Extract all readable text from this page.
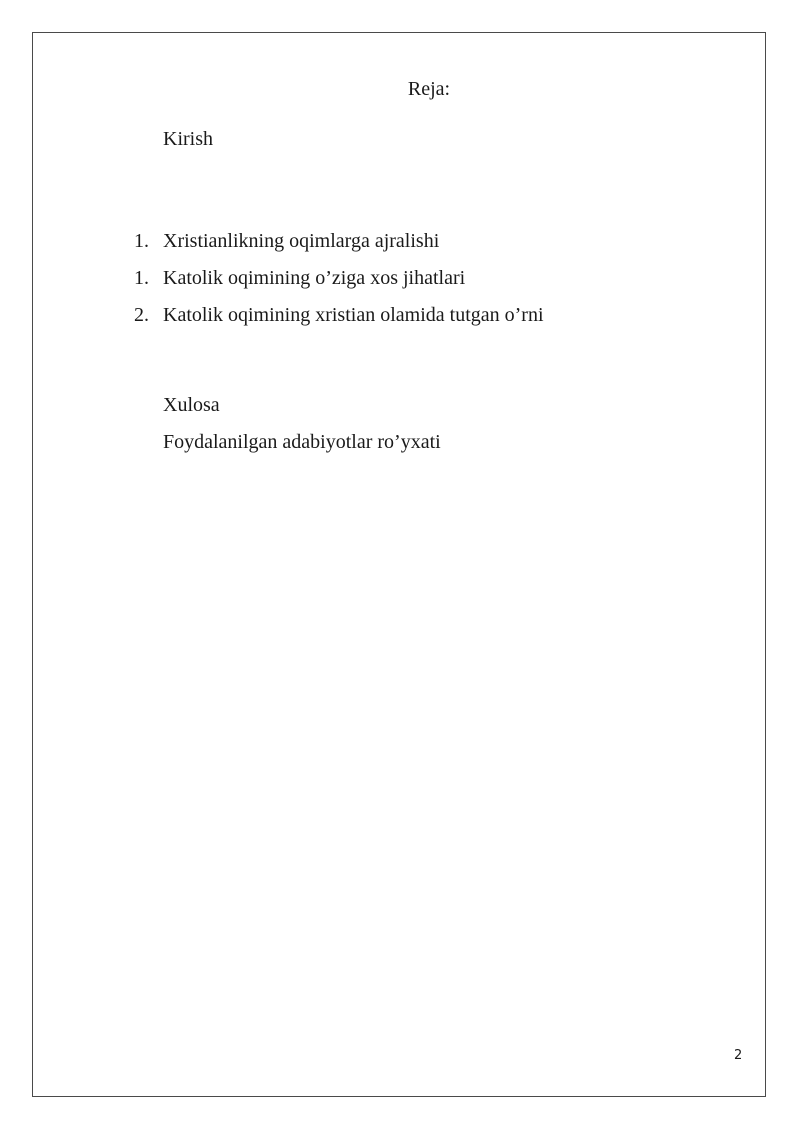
Reja:
Kirish
1. Xristianlikning oqimlarga ajralishi
1. Katolik oqimining o’ziga xos jihatlari
2. Katolik oqimining xristian olamida tutgan o’rni
Xulosa
Foydalanilgan adabiyotlar ro’yxati
2
